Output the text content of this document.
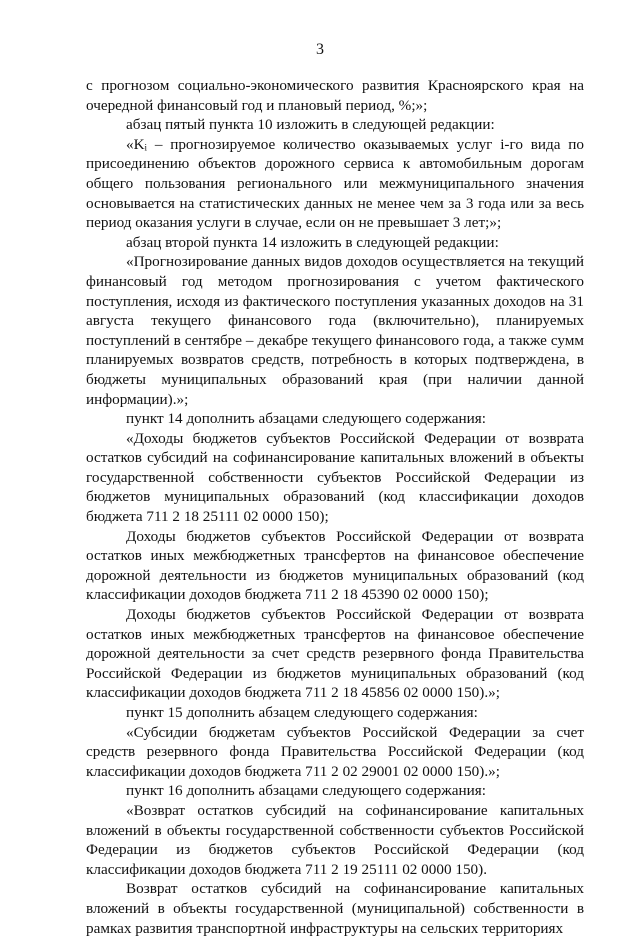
3

с прогнозом социально-экономического развития Красноярского края на очередной финансовый год и плановый период, %;»;

абзац пятый пункта 10 изложить в следующей редакции:

«Kᵢ – прогнозируемое количество оказываемых услуг i-го вида по присоединению объектов дорожного сервиса к автомобильным дорогам общего пользования регионального или межмуниципального значения основывается на статистических данных не менее чем за 3 года или за весь период оказания услуги в случае, если он не превышает 3 лет;»;

абзац второй пункта 14 изложить в следующей редакции:

«Прогнозирование данных видов доходов осуществляется на текущий финансовый год методом прогнозирования с учетом фактического поступления, исходя из фактического поступления указанных доходов на 31 августа текущего финансового года (включительно), планируемых поступлений в сентябре – декабре текущего финансового года, а также сумм планируемых возвратов средств, потребность в которых подтверждена, в бюджеты муниципальных образований края (при наличии данной информации).»;

пункт 14 дополнить абзацами следующего содержания:

«Доходы бюджетов субъектов Российской Федерации от возврата остатков субсидий на софинансирование капитальных вложений в объекты государственной собственности субъектов Российской Федерации из бюджетов муниципальных образований (код классификации доходов бюджета 711 2 18 25111 02 0000 150);

Доходы бюджетов субъектов Российской Федерации от возврата остатков иных межбюджетных трансфертов на финансовое обеспечение дорожной деятельности из бюджетов муниципальных образований (код классификации доходов бюджета 711 2 18 45390 02 0000 150);

Доходы бюджетов субъектов Российской Федерации от возврата остатков иных межбюджетных трансфертов на финансовое обеспечение дорожной деятельности за счет средств резервного фонда Правительства Российской Федерации из бюджетов муниципальных образований (код классификации доходов бюджета 711 2 18 45856 02 0000 150).»;

пункт 15 дополнить абзацем следующего содержания:

«Субсидии бюджетам субъектов Российской Федерации за счет средств резервного фонда Правительства Российской Федерации (код классификации доходов бюджета 711 2 02 29001 02 0000 150).»;

пункт 16 дополнить абзацами следующего содержания:

«Возврат остатков субсидий на софинансирование капитальных вложений в объекты государственной собственности субъектов Российской Федерации из бюджетов субъектов Российской Федерации (код классификации доходов бюджета 711 2 19 25111 02 0000 150).

Возврат остатков субсидий на софинансирование капитальных вложений в объекты государственной (муниципальной) собственности в рамках развития транспортной инфраструктуры на сельских территориях
